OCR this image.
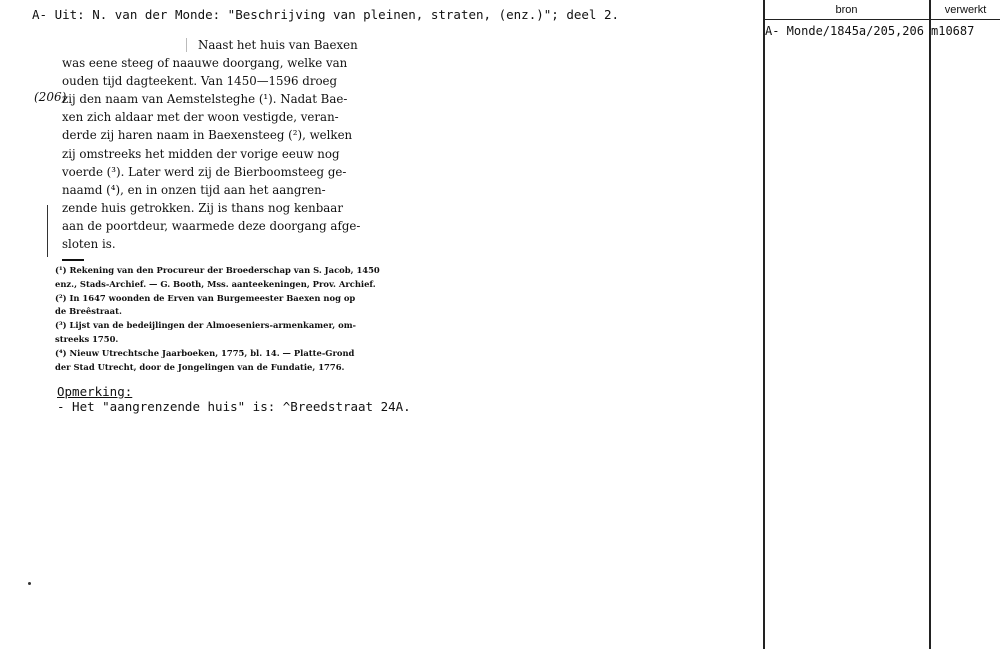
A- Uit: N. van der Monde: "Beschrijving van pleinen, straten, (enz.)"; deel 2.
(206)
Naast het huis van Baexen
was eene steeg of naauwe doorgang, welke van
ouden tijd dagteekent. Van 1450—1596 droeg
zij den naam van Aemstelsteghe (¹). Nadat Bae-
xen zich aldaar met der woon vestigde, veran-
derde zij haren naam in Baexensteeg (²), welken
zij omstreeks het midden der vorige eeuw nog
voerde (³). Later werd zij de Bierboomsteeg ge-
naamd (⁴), en in onzen tijd aan het aangren-
zende huis getrokken. Zij is thans nog kenbaar
aan de poortdeur, waarmede deze doorgang afge-
sloten is.
(¹) Rekening van den Procureur der Broederschap van S. Jacob, 1450
enz., Stads-Archief. — G. Booth, Mss. aanteekeningen, Prov. Archief.
(²) In 1647 woonden de Erven van Burgemeester Baexen nog op
de Breêstraat.
(³) Lijst van de bedeijlingen der Almoeseniers-armenkamer, om-
streeks 1750.
(⁴) Nieuw Utrechtsche Jaarboeken, 1775, bl. 14. — Platte-Grond
der Stad Utrecht, door de Jongelingen van de Fundatie, 1776.
Opmerking:
- Het "aangrenzende huis" is: ^Breedstraat 24A.
bron	verwerkt
A- Monde/1845a/205,206 m10687
